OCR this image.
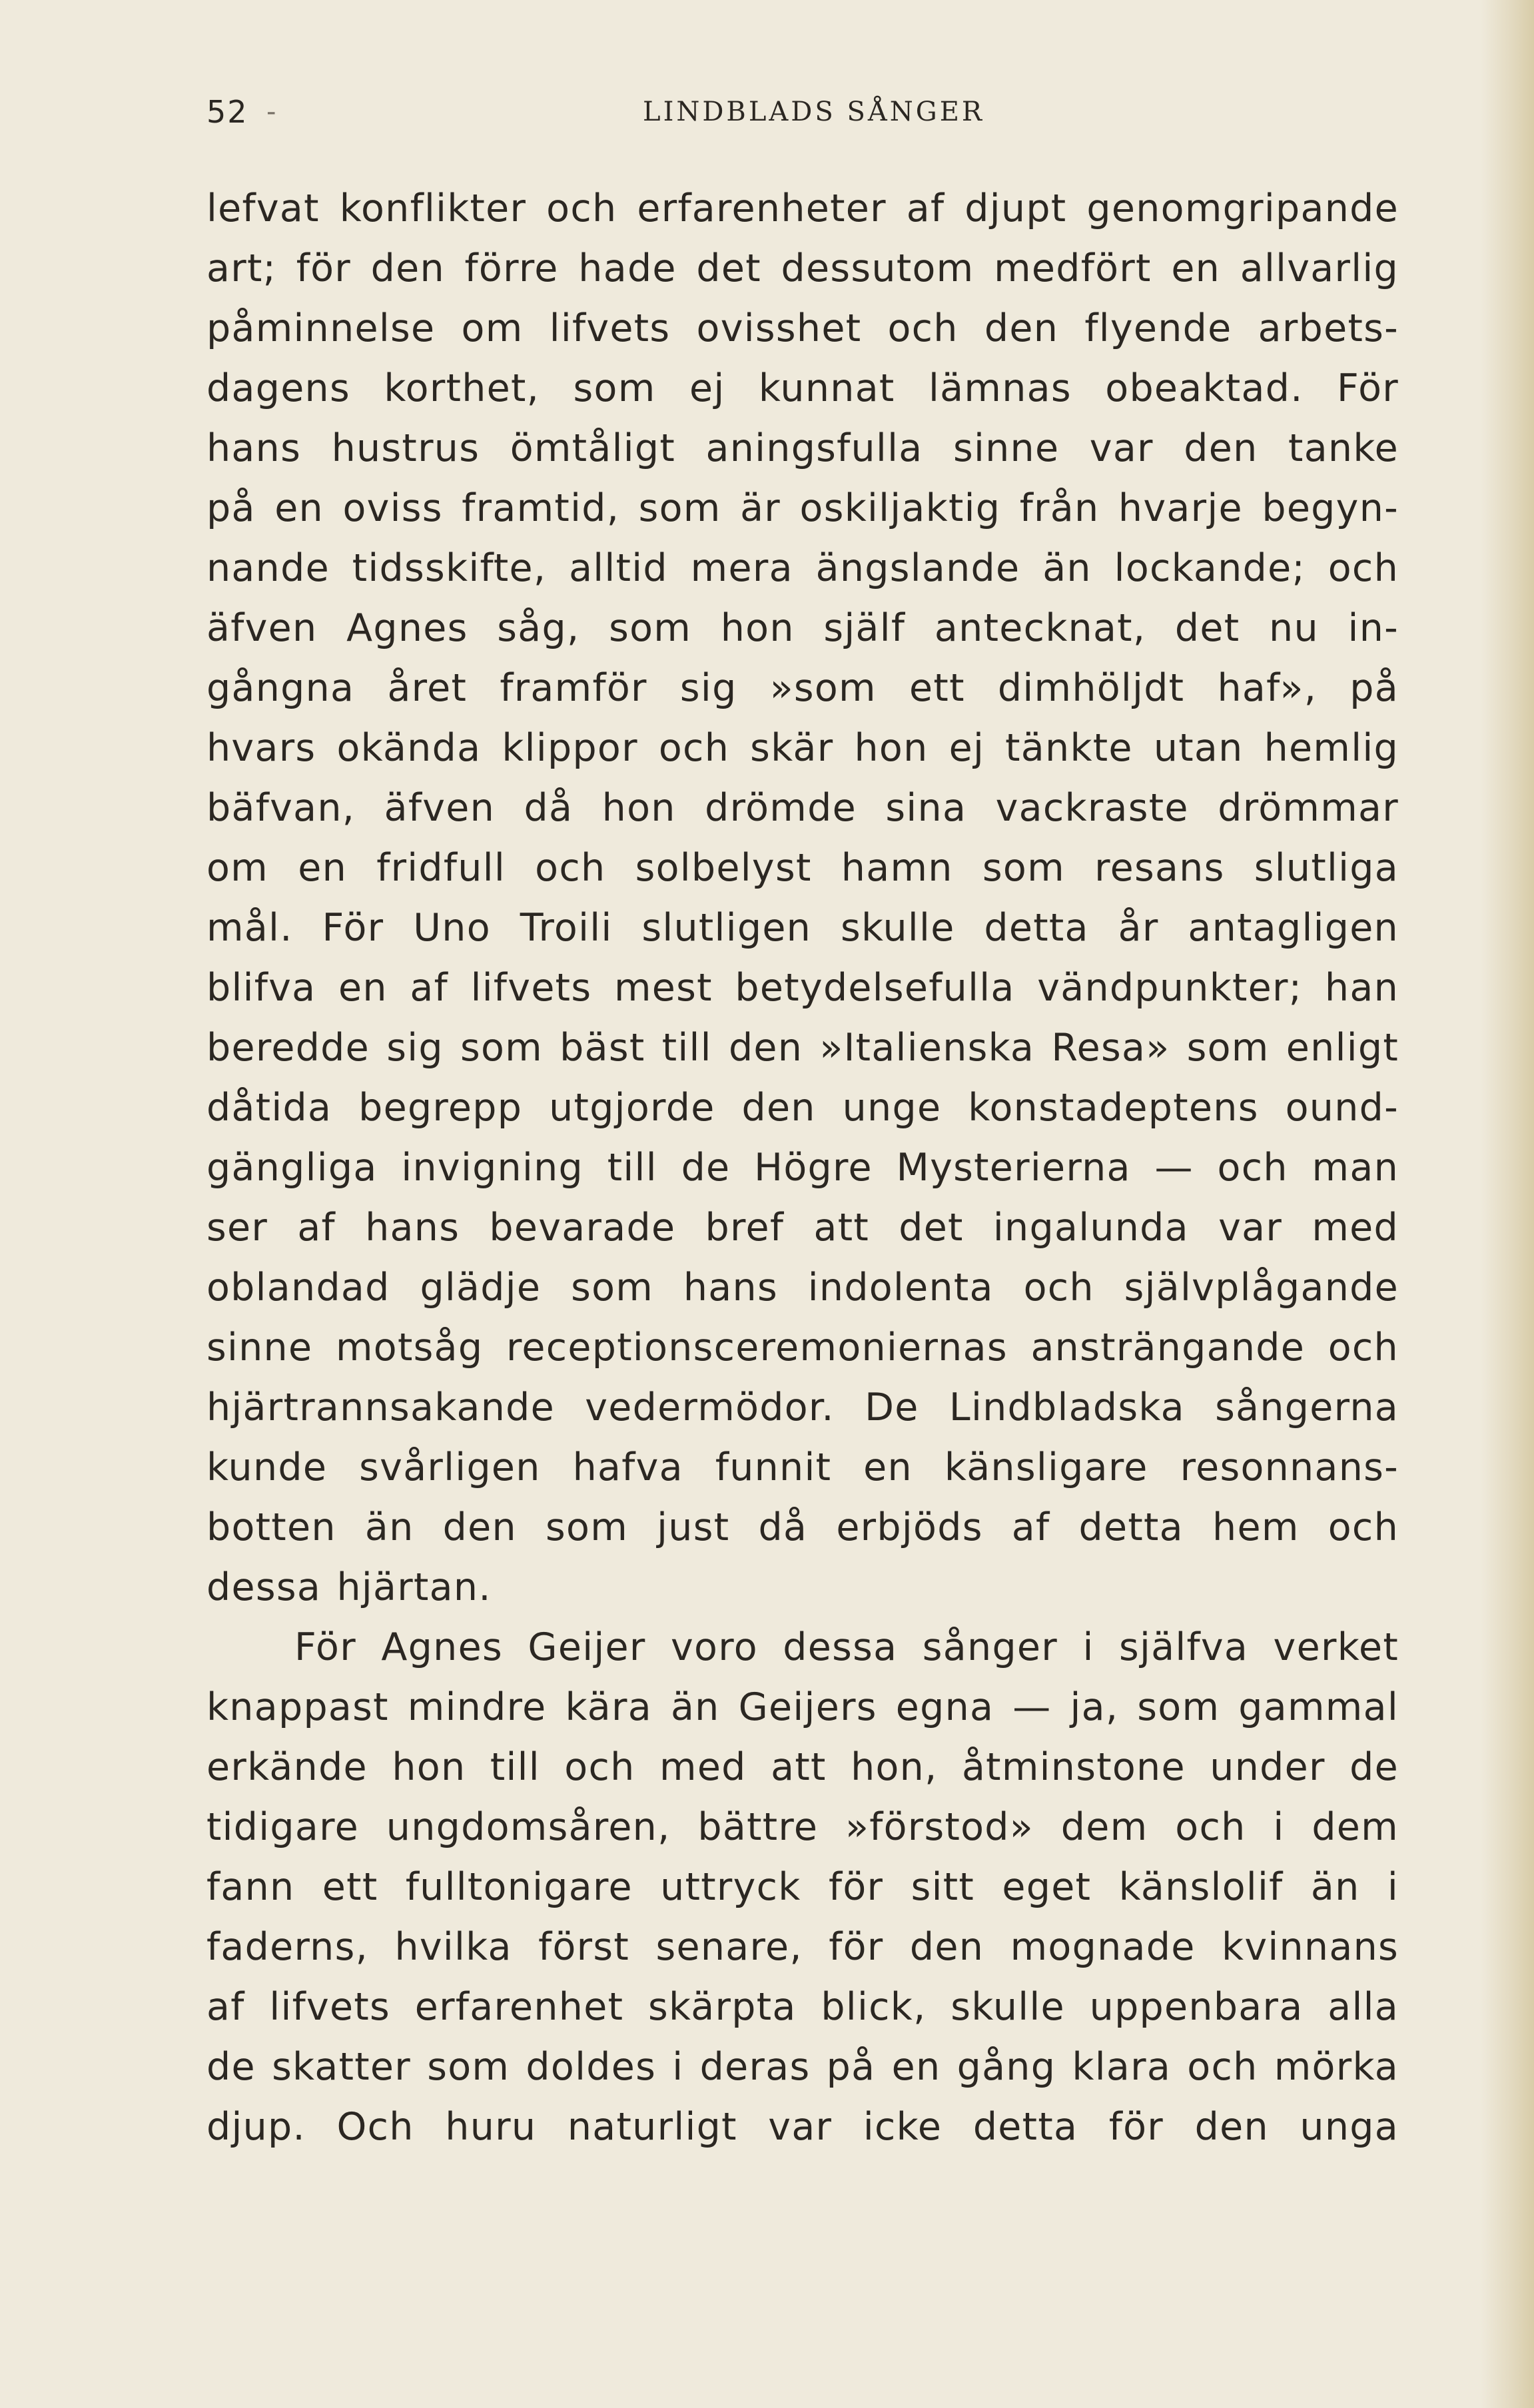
52 -	LINDBLADS SÅNGER
lefvat konflikter och erfarenheter af djupt genomgripande
art; för den förre hade det dessutom medfört en allvarlig
påminnelse om lifvets ovisshet och den flyende arbets-
dagens korthet, som ej kunnat lämnas obeaktad. För
hans hustrus ömtåligt aningsfulla sinne var den tanke
på en oviss framtid, som är oskiljaktig från hvarje begyn-
nande tidsskifte, alltid mera ängslande än lockande; och
äfven Agnes såg, som hon själf antecknat, det nu in-
gångna året framför sig »som ett dimhöljdt haf», på
hvars okända klippor och skär hon ej tänkte utan hemlig
bäfvan, äfven då hon drömde sina vackraste drömmar
om en fridfull och solbelyst hamn som resans slutliga
mål. För Uno Troili slutligen skulle detta år antagligen
blifva en af lifvets mest betydelsefulla vändpunkter; han
beredde sig som bäst till den »Italienska Resa» som enligt
dåtida begrepp utgjorde den unge konstadeptens ound-
gängliga invigning till de Högre Mysterierna — och man
ser af hans bevarade bref att det ingalunda var med
oblandad glädje som hans indolenta och självplågande
sinne motsåg receptionsceremoniernas ansträngande och
hjärtrannsakande vedermödor. De Lindbladska sångerna
kunde svårligen hafva funnit en känsligare resonnans-
botten än den som just då erbjöds af detta hem och
dessa hjärtan.
För Agnes Geijer voro dessa sånger i själfva verket
knappast mindre kära än Geijers egna — ja, som gammal
erkände hon till och med att hon, åtminstone under de
tidigare ungdomsåren, bättre »förstod» dem och i dem
fann ett fulltonigare uttryck för sitt eget känslolif än i
faderns, hvilka först senare, för den mognade kvinnans
af lifvets erfarenhet skärpta blick, skulle uppenbara alla
de skatter som doldes i deras på en gång klara och mörka
djup. Och huru naturligt var icke detta för den unga
